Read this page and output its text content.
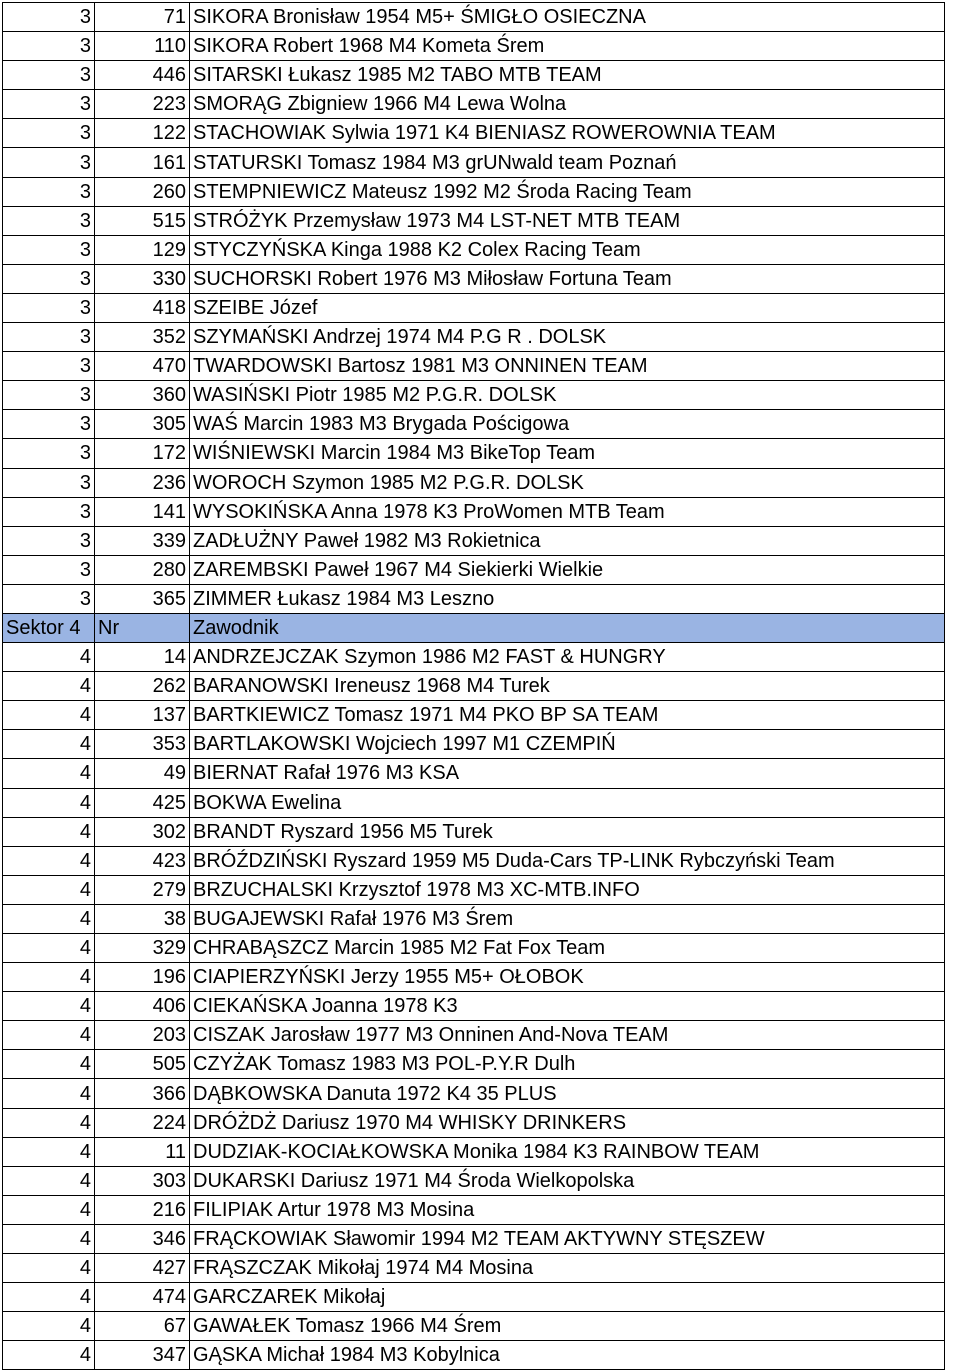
3	71	SIKORA Bronisław 1954 M5+ ŚMIGŁO OSIECZNA
3	110	SIKORA Robert 1968 M4 Kometa Śrem
3	446	SITARSKI Łukasz 1985 M2 TABO MTB TEAM
3	223	SMORĄG Zbigniew 1966 M4 Lewa Wolna
3	122	STACHOWIAK Sylwia 1971 K4 BIENIASZ ROWEROWNIA TEAM
3	161	STATURSKI Tomasz 1984 M3 grUNwald team Poznań
3	260	STEMPNIEWICZ Mateusz 1992 M2 Środa Racing Team
3	515	STRÓŻYK Przemysław 1973 M4 LST-NET MTB TEAM
3	129	STYCZYŃSKA Kinga 1988 K2 Colex Racing Team
3	330	SUCHORSKI Robert 1976 M3 Miłosław Fortuna Team
3	418	SZEIBE Józef
3	352	SZYMAŃSKI Andrzej 1974 M4 P.G R . DOLSK
3	470	TWARDOWSKI Bartosz 1981 M3 ONNINEN TEAM
3	360	WASIŃSKI Piotr 1985 M2 P.G.R. DOLSK
3	305	WAŚ Marcin 1983 M3 Brygada Pościgowa
3	172	WIŚNIEWSKI Marcin 1984 M3 BikeTop Team
3	236	WOROCH Szymon 1985 M2 P.G.R. DOLSK
3	141	WYSOKIŃSKA Anna 1978 K3 ProWomen MTB Team
3	339	ZADŁUŻNY Paweł 1982 M3 Rokietnica
3	280	ZAREMBSKI Paweł 1967 M4 Siekierki Wielkie
3	365	ZIMMER Łukasz 1984 M3 Leszno
Sektor 4	Nr	Zawodnik
4	14	ANDRZEJCZAK Szymon 1986 M2 FAST & HUNGRY
4	262	BARANOWSKI Ireneusz 1968 M4 Turek
4	137	BARTKIEWICZ Tomasz 1971 M4 PKO BP SA TEAM
4	353	BARTLAKOWSKI Wojciech 1997 M1 CZEMPIŃ
4	49	BIERNAT Rafał 1976 M3 KSA
4	425	BOKWA Ewelina
4	302	BRANDT Ryszard 1956 M5 Turek
4	423	BRÓŹDZIŃSKI Ryszard 1959 M5 Duda-Cars TP-LINK Rybczyński Team
4	279	BRZUCHALSKI Krzysztof 1978 M3 XC-MTB.INFO
4	38	BUGAJEWSKI Rafał 1976 M3 Śrem
4	329	CHRABĄSZCZ Marcin 1985 M2 Fat Fox Team
4	196	CIAPIERZYŃSKI Jerzy 1955 M5+ OŁOBOK
4	406	CIEKAŃSKA Joanna 1978 K3
4	203	CISZAK Jarosław 1977 M3 Onninen And-Nova TEAM
4	505	CZYŻAK Tomasz 1983 M3 POL-P.Y.R Dulh
4	366	DĄBKOWSKA Danuta 1972 K4 35 PLUS
4	224	DRÓŻDŻ Dariusz 1970 M4 WHISKY DRINKERS
4	11	DUDZIAK-KOCIAŁKOWSKA Monika 1984 K3 RAINBOW TEAM
4	303	DUKARSKI Dariusz 1971 M4 Środa Wielkopolska
4	216	FILIPIAK Artur 1978 M3 Mosina
4	346	FRĄCKOWIAK Sławomir 1994 M2 TEAM AKTYWNY STĘSZEW
4	427	FRĄSZCZAK Mikołaj 1974 M4 Mosina
4	474	GARCZAREK Mikołaj
4	67	GAWAŁEK Tomasz 1966 M4 Śrem
4	347	GĄSKA Michał 1984 M3 Kobylnica
